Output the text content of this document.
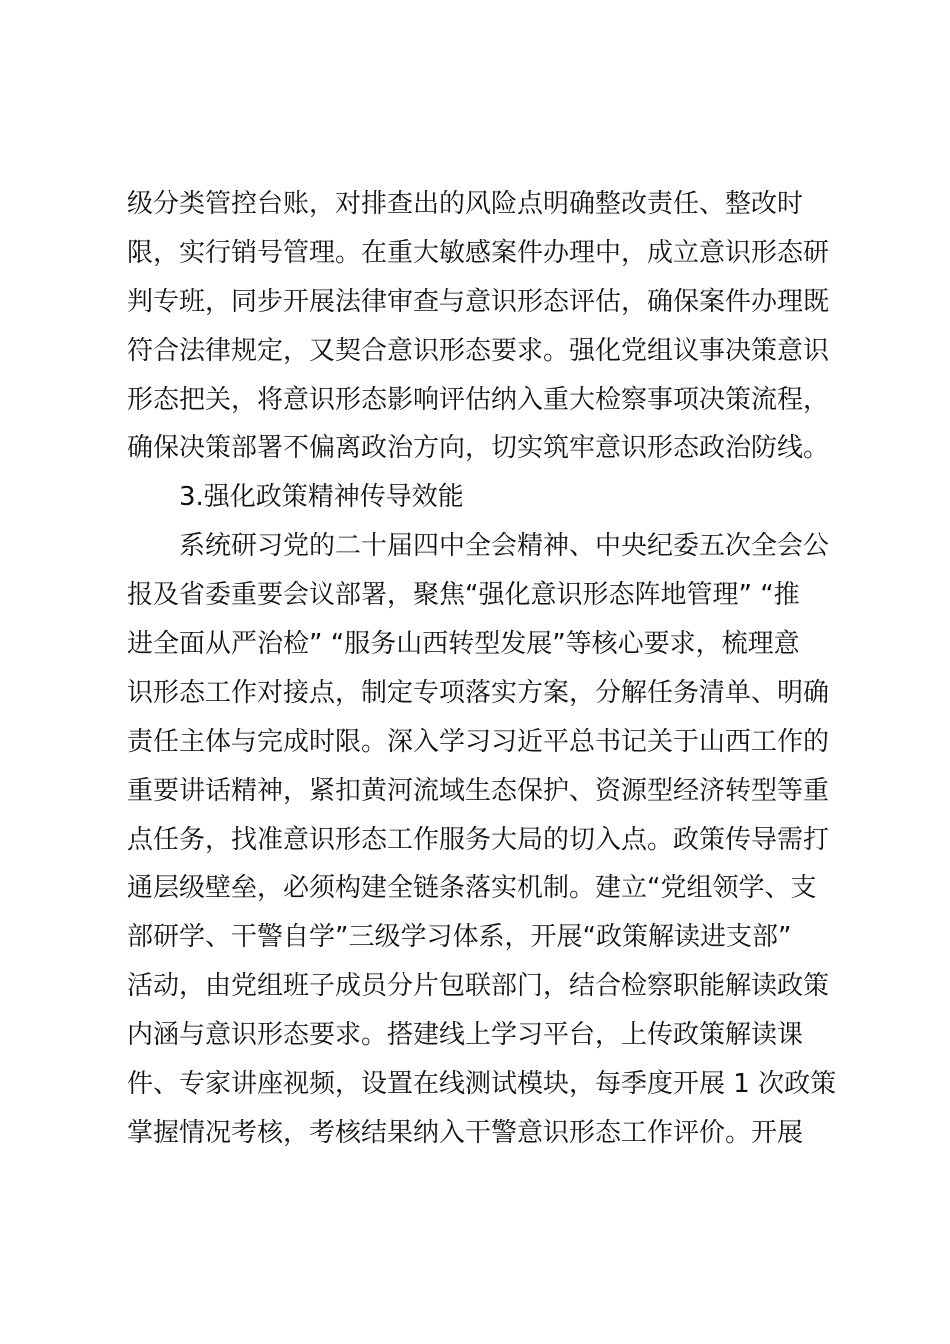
级分类管控台账，对排查出的风险点明确整改责任、整改时
限，实行销号管理。在重大敏感案件办理中，成立意识形态研
判专班，同步开展法律审查与意识形态评估，确保案件办理既
符合法律规定，又契合意识形态要求。强化党组议事决策意识
形态把关，将意识形态影响评估纳入重大检察事项决策流程，
确保决策部署不偏离政治方向，切实筑牢意识形态政治防线。
3.强化政策精神传导效能
系统研习党的二十届四中全会精神、中央纪委五次全会公
报及省委重要会议部署，聚焦“强化意识形态阵地管理” “推
进全面从严治检” “服务山西转型发展”等核心要求，梳理意
识形态工作对接点，制定专项落实方案，分解任务清单、明确
责任主体与完成时限。深入学习习近平总书记关于山西工作的
重要讲话精神，紧扣黄河流域生态保护、资源型经济转型等重
点任务，找准意识形态工作服务大局的切入点。政策传导需打
通层级壁垒，必须构建全链条落实机制。建立“党组领学、支
部研学、干警自学”三级学习体系，开展“政策解读进支部”
活动，由党组班子成员分片包联部门，结合检察职能解读政策
内涵与意识形态要求。搭建线上学习平台，上传政策解读课
件、专家讲座视频，设置在线测试模块，每季度开展 1 次政策
掌握情况考核，考核结果纳入干警意识形态工作评价。开展
